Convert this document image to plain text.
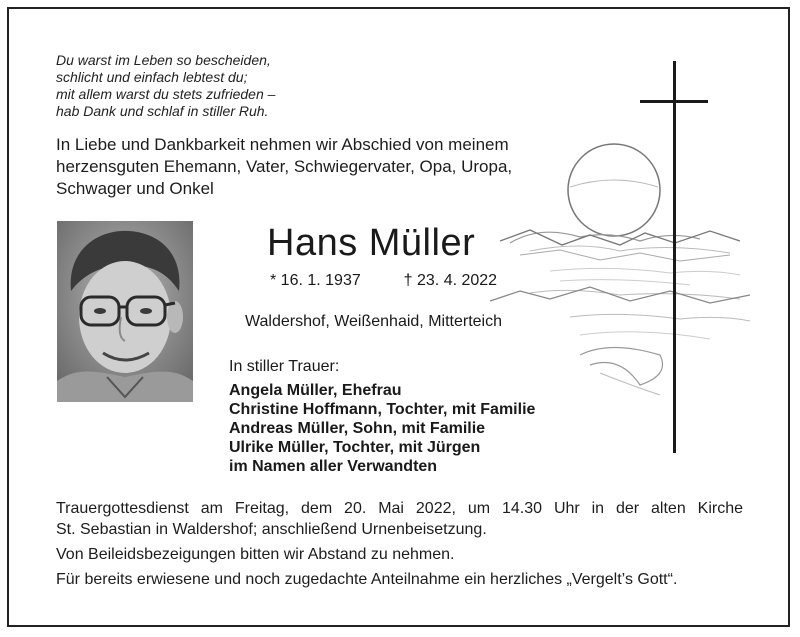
Du warst im Leben so bescheiden,
schlicht und einfach lebtest du;
mit allem warst du stets zufrieden –
hab Dank und schlaf in stiller Ruh.
In Liebe und Dankbarkeit nehmen wir Abschied von meinem
herzensguten Ehemann, Vater, Schwiegervater, Opa, Uropa,
Schwager und Onkel
Hans Müller
* 16. 1. 1937	† 23. 4. 2022
Waldershof, Weißenhaid, Mitterteich
In stiller Trauer:
Angela Müller, Ehefrau
Christine Hoffmann, Tochter, mit Familie
Andreas Müller, Sohn, mit Familie
Ulrike Müller, Tochter, mit Jürgen
im Namen aller Verwandten

Trauergottesdienst am Freitag, dem 20. Mai 2022, um 14.30 Uhr in der alten Kirche

St. Sebastian in Waldershof; anschließend Urnenbeisetzung.

Von Beileidsbezeigungen bitten wir Abstand zu nehmen.

Für bereits erwiesene und noch zugedachte Anteilnahme ein herzliches „Vergelt’s Gott“.
